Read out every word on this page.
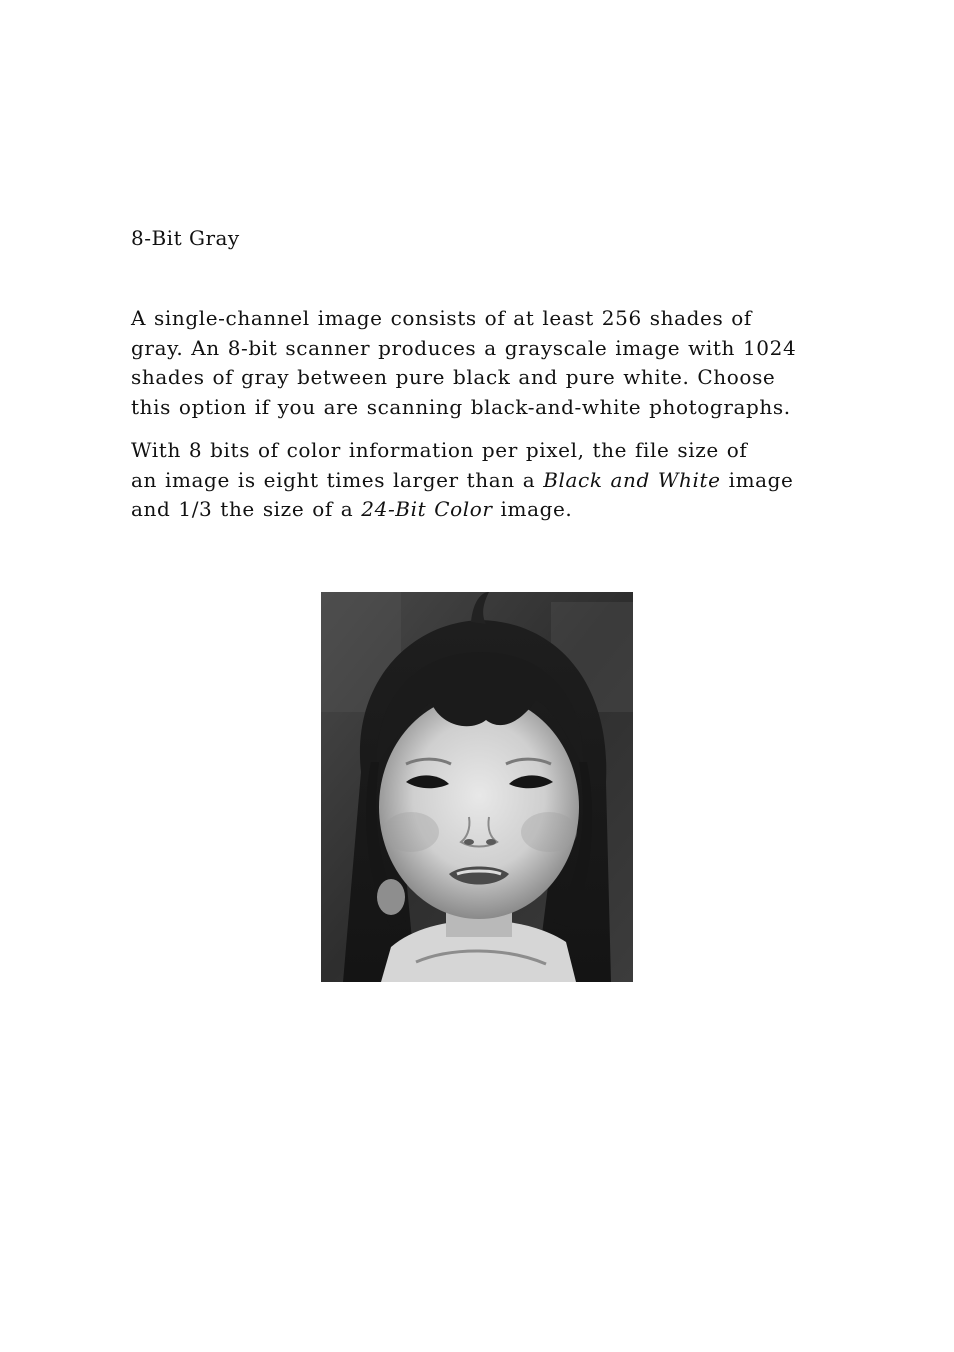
8-Bit Gray

A single-channel image consists of at least 256 shades of
gray. An 8-bit scanner produces a grayscale image with 1024
shades of gray between pure black and pure white. Choose
this option if you are scanning black-and-white photographs.

With 8 bits of color information per pixel, the file size of
an image is eight times larger than a Black and White image
and 1/3 the size of a 24-Bit Color image.
